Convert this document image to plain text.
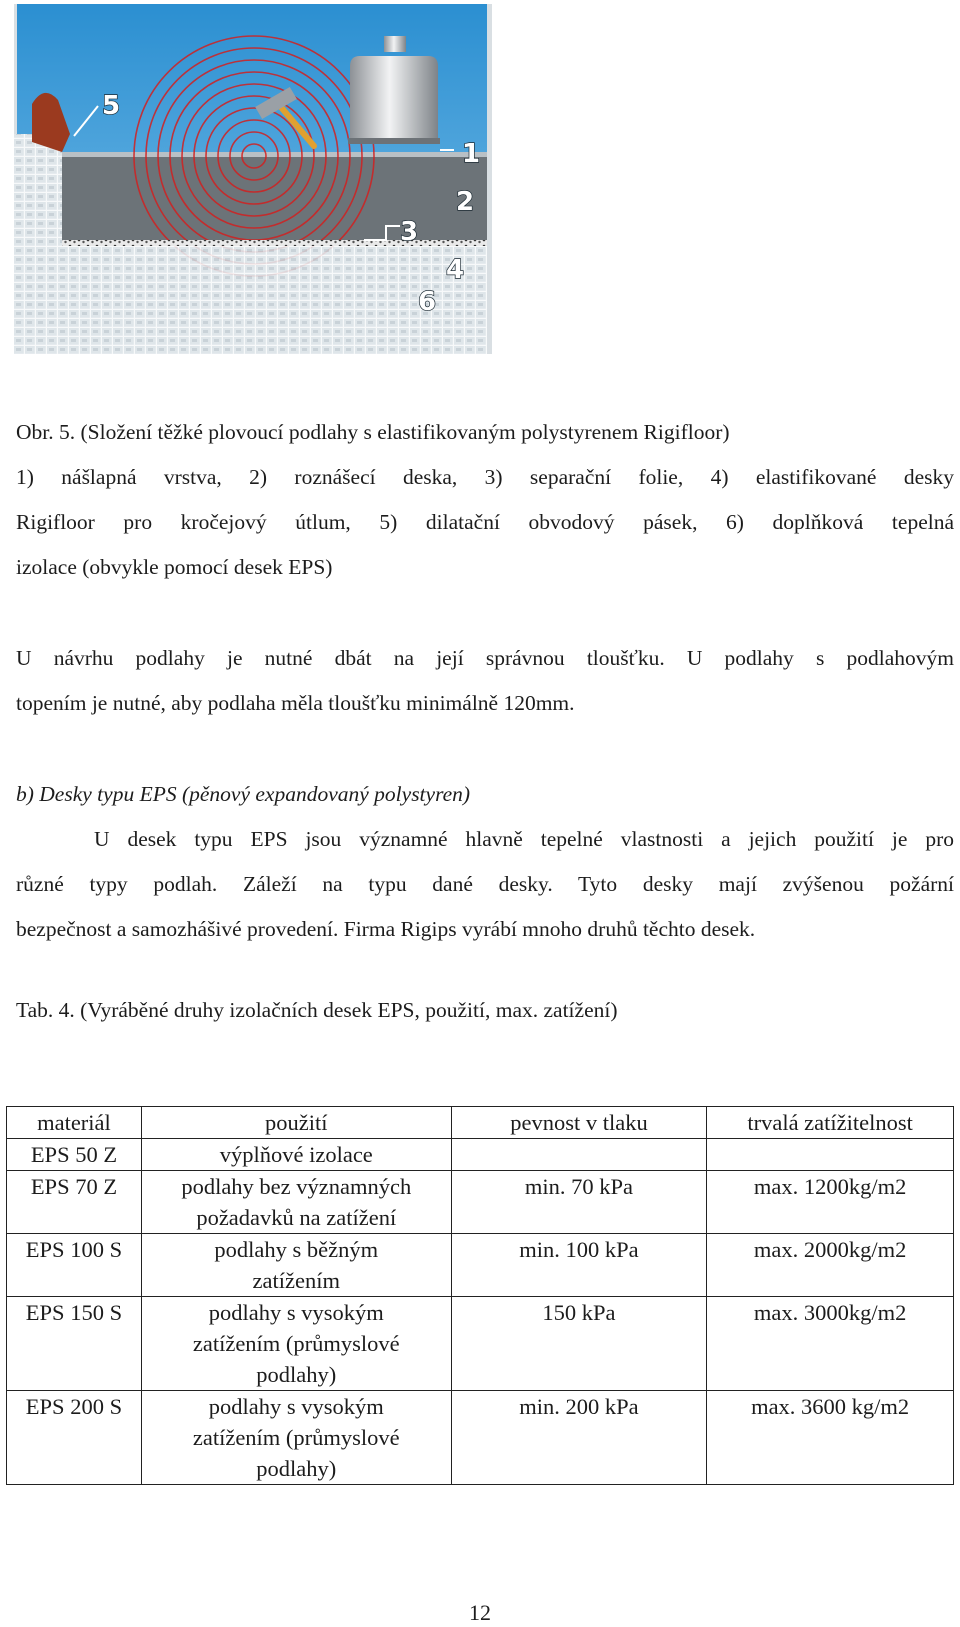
1
2
3
4
5
6
Obr. 5. (Složení těžké plovoucí podlahy s elastifikovaným polystyrenem Rigifloor)
1) nášlapná vrstva, 2) roznášecí deska, 3) separační folie, 4) elastifikované desky
Rigifloor pro kročejový útlum, 5) dilatační obvodový pásek, 6) doplňková tepelná
izolace (obvykle pomocí desek EPS)
U návrhu podlahy je nutné dbát na její správnou tloušťku. U podlahy s podlahovým
topením je nutné, aby podlaha měla tloušťku minimálně 120mm.
b) Desky typu EPS (pěnový expandovaný polystyren)
U desek typu EPS jsou významné hlavně tepelné vlastnosti a jejich použití je pro
různé typy podlah. Záleží na typu dané desky. Tyto desky mají zvýšenou požární
bezpečnost a samozhášivé provedení. Firma Rigips vyrábí mnoho druhů těchto desek.
Tab. 4. (Vyráběné druhy izolačních desek EPS, použití, max. zatížení)
materiál	použití	pevnost v tlaku	trvalá zatížitelnost
EPS 50 Z	výplňové izolace		
EPS 70 Z	podlahy bez významných požadavků na zatížení	min. 70 kPa	max. 1200kg/m2
EPS 100 S	podlahy s běžným zatížením	min. 100 kPa	max. 2000kg/m2
EPS 150 S	podlahy s vysokým zatížením (průmyslové podlahy)	150 kPa	max. 3000kg/m2
EPS 200 S	podlahy s vysokým zatížením (průmyslové podlahy)	min. 200 kPa	max. 3600 kg/m2
12
